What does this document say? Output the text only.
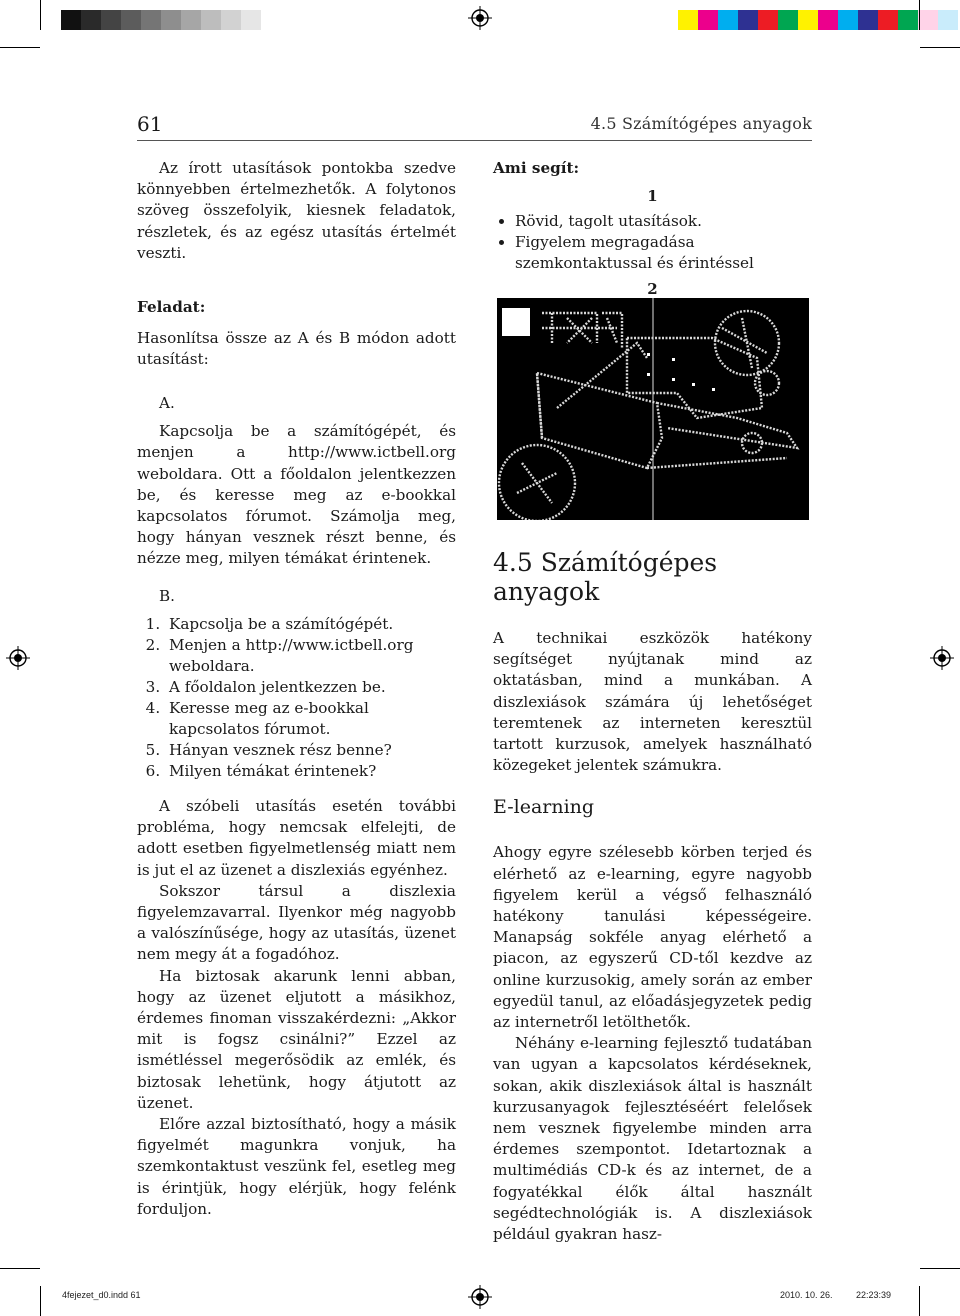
61	4.5 Számítógépes anyagok

Az írott utasítások pontokba szedve könnyebben értelmezhetők. A folytonos szöveg összefolyik, kiesnek feladatok, részletek, és az egész utasítás értelmét veszti.

Feladat:

Hasonlítsa össze az A és B módon adott utasítást:

A.

Kapcsolja be a számítógépét, és menjen a http://www.ictbell.org weboldara. Ott a főoldalon jelentkezzen be, és keresse meg az e-bookkal kapcsolatos fórumot. Számolja meg, hogy hányan vesznek részt benne, és nézze meg, milyen témákat érintenek.

B.
1. Kapcsolja be a számítógépét.
2. Menjen a http://www.ictbell.org weboldara.
3. A főoldalon jelentkezzen be.
4. Keresse meg az e-bookkal kapcsolatos fórumot.
5. Hányan vesznek rész benne?
6. Milyen témákat érintenek?

A szóbeli utasítás esetén további probléma, hogy nemcsak elfelejti, de adott esetben figyelmetlenség miatt nem is jut el az üzenet a diszlexiás egyénhez.

Sokszor társul a diszlexia figyelemzavarral. Ilyenkor még nagyobb a valószínűsége, hogy az utasítás, üzenet nem megy át a fogadóhoz.

Ha biztosak akarunk lenni abban, hogy az üzenet eljutott a másikhoz, érdemes finoman visszakérdezni: „Akkor mit is fogsz csinálni?” Ezzel az ismétléssel megerősödik az emlék, és biztosak lehetünk, hogy átjutott az üzenet.

Előre azzal biztosítható, hogy a másik figyelmét magunkra vonjuk, ha szemkontaktust veszünk fel, esetleg meg is érintjük, hogy elérjük, hogy felénk forduljon.

Ami segít:
1
• Rövid, tagolt utasítások.
• Figyelem megragadása szemkontaktussal és érintéssel
2
4.5 Számítógépes anyagok

A technikai eszközök hatékony segítséget nyújtanak mind az oktatásban, mind a munkában. A diszlexiások számára új lehetőséget teremtenek az interneten keresztül tartott kurzusok, amelyek használható közegeket jelentek számukra.

E-learning

Ahogy egyre szélesebb körben terjed és elérhető az e-learning, egyre nagyobb figyelem kerül a végső felhasználó hatékony tanulási képességeire. Manapság sokféle anyag elérhető a piacon, az egyszerű CD-től kezdve az online kurzusokig, amely során az ember egyedül tanul, az előadásjegyzetek pedig az internetről letölthetők.

Néhány e-learning fejlesztő tudatában van ugyan a kapcsolatos kérdéseknek, sokan, akik diszlexiások által is használt kurzusanyagok fejlesztéséért felelősek nem vesznek figyelembe minden arra érdemes szempontot. Idetartoznak a multimédiás CD-k és az internet, de a fogyatékkal élők által használt segédtechnológiák is. A diszlexiások például gyakran hasz-

4fejezet_d0.indd 61	2010. 10. 26.	22:23:39
